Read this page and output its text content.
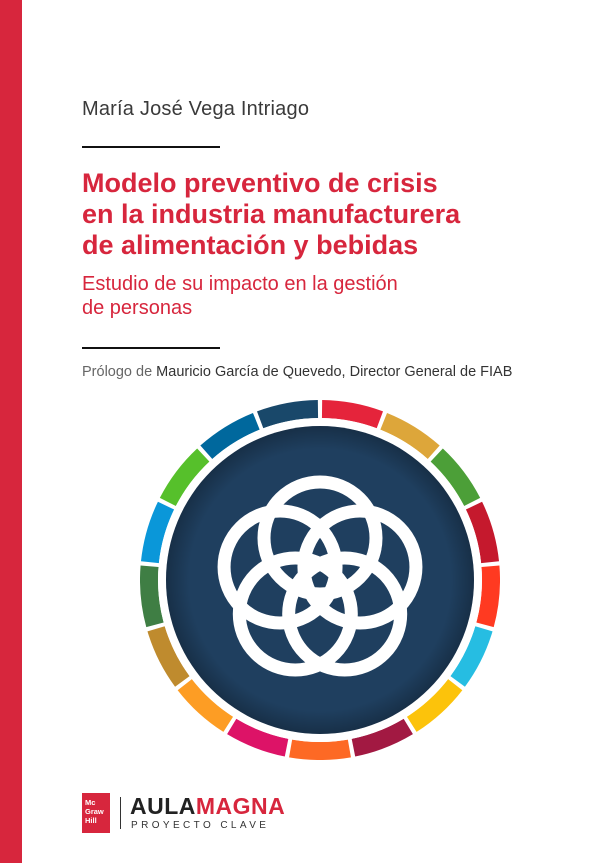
María José Vega Intriago
Modelo preventivo de crisis
en la industria manufacturera
de alimentación y bebidas
Estudio de su impacto en la gestión
de personas
Prólogo de Mauricio García de Quevedo, Director General de FIAB
Mc
Graw
Hill
AULAMAGNA
PROYECTO CLAVE
